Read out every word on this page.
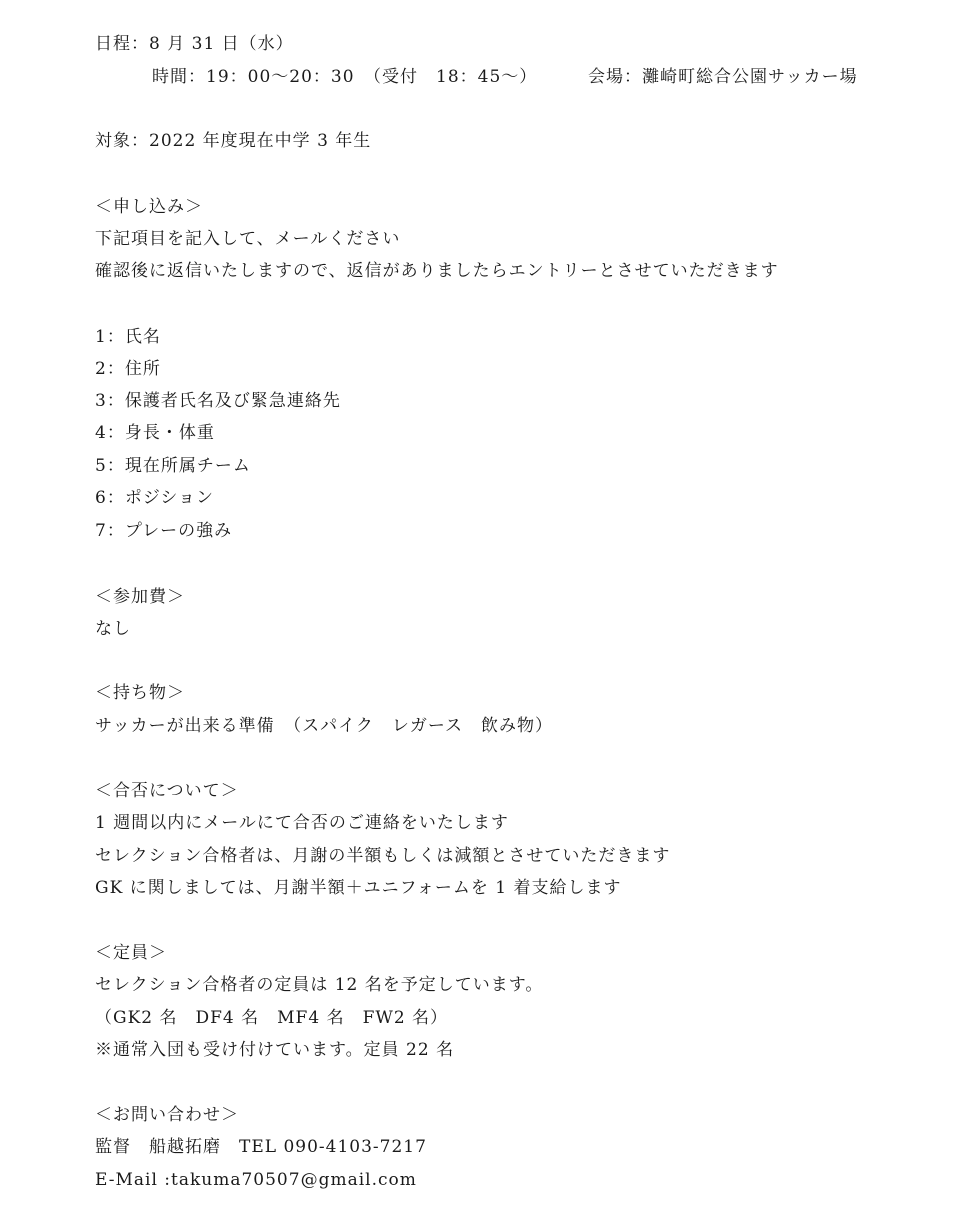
日程：8 月 31 日（水）
時間：19：00〜20：30　（受付　18：45〜）	会場：灘崎町総合公園サッカー場
対象：2022 年度現在中学 3 年生
＜申し込み＞
下記項目を記入して、メールください
確認後に返信いたしますので、返信がありましたらエントリーとさせていただきます
1：氏名
2：住所
3：保護者氏名及び緊急連絡先
4：身長・体重
5：現在所属チーム
6：ポジション
7：プレーの強み
＜参加費＞
なし
＜持ち物＞
サッカーが出来る準備　（スパイク　レガース　飲み物）
＜合否について＞
1 週間以内にメールにて合否のご連絡をいたします
セレクション合格者は、月謝の半額もしくは減額とさせていただきます
GK に関しましては、月謝半額＋ユニフォームを 1 着支給します
＜定員＞
セレクション合格者の定員は 12 名を予定しています。
（GK2 名　DF4 名　MF4 名　FW2 名）
※通常入団も受け付けています。定員 22 名
＜お問い合わせ＞
監督　船越拓磨　TEL 090-4103-7217
E-Mail :takuma70507@gmail.com
